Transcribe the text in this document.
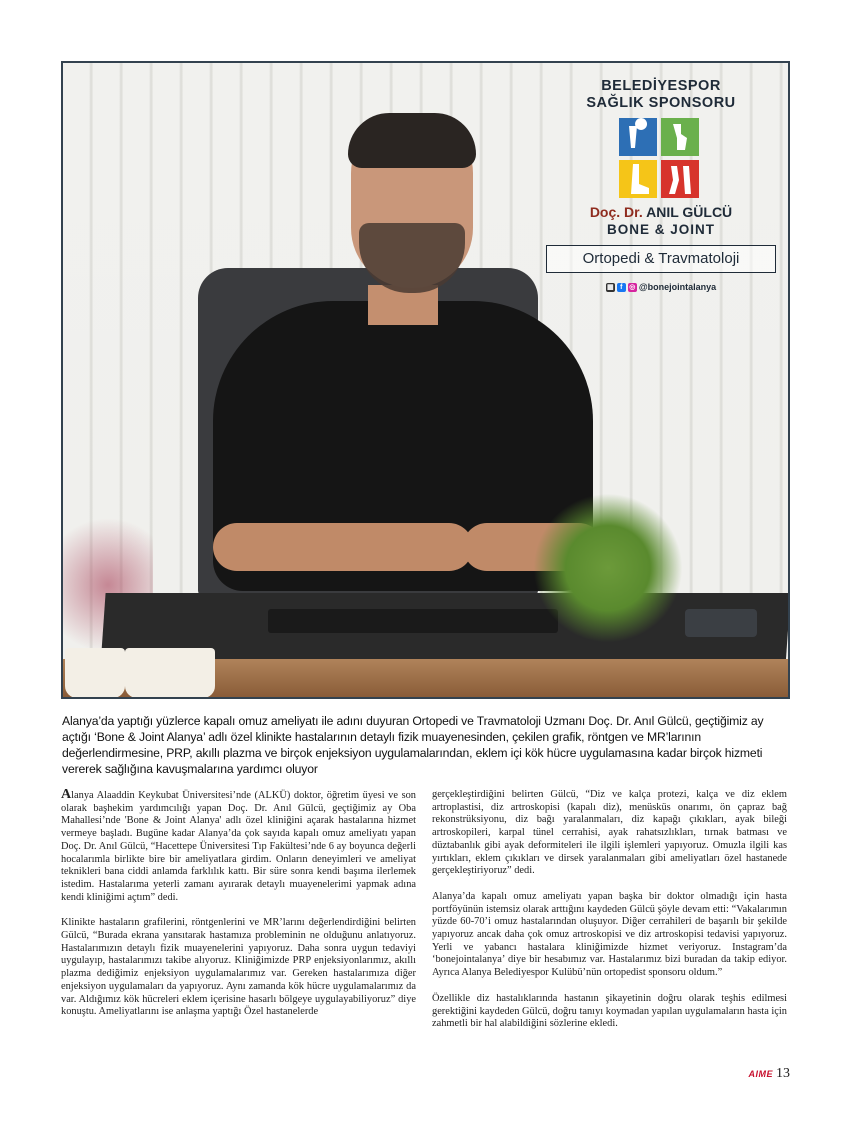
BELEDİYESPOR
SAĞLIK SPONSORU
Doç. Dr. ANIL GÜLCÜ
BONE & JOINT
Ortopedi & Travmatoloji
▦ f ◎ @bonejointalanya
Alanya’da yaptığı yüzlerce kapalı omuz ameliyatı ile adını duyuran Ortopedi ve Travmatoloji Uzmanı Doç. Dr. Anıl Gülcü, geçtiğimiz ay açtığı ‘Bone & Joint Alanya’ adlı özel klinikte hastalarının detaylı fizik muayenesinden, çekilen grafik, röntgen ve MR’larının değerlendirmesine, PRP, akıllı plazma ve birçok enjeksiyon uygulamalarından, eklem içi kök hücre uygulamasına kadar birçok hizmeti vererek sağlığına kavuşmalarına yardımcı oluyor

Alanya Alaaddin Keykubat Üniversitesi’nde (ALKÜ) doktor, öğretim üyesi ve son olarak başhekim yardımcılığı yapan Doç. Dr. Anıl Gülcü, geçtiğimiz ay Oba Mahallesi’nde 'Bone & Joint Alanya' adlı özel kliniğini açarak hastalarına hizmet vermeye başladı. Bugüne kadar Alanya’da çok sayıda kapalı omuz ameliyatı yapan Doç. Dr. Anıl Gülcü, “Hacettepe Üniversitesi Tıp Fakültesi’nde 6 ay boyunca değerli hocalarımla birlikte bire bir ameliyatlara girdim. Onların deneyimleri ve ameliyat teknikleri bana ciddi anlamda farklılık kattı. Bir süre sonra kendi başıma ilerlemek istedim. Hastalarıma yeterli zamanı ayırarak detaylı muayenelerimi yapmak adına kendi kliniğimi açtım” dedi.

Klinikte hastaların grafilerini, röntgenlerini ve MR’larını değerlendirdiğini belirten Gülcü, “Burada ekrana yansıtarak hastamıza probleminin ne olduğunu anlatıyoruz. Hastalarımızın detaylı fizik muayenelerini yapıyoruz. Daha sonra uygun tedaviyi uygulayıp, hastalarımızı takibe alıyoruz. Kliniğimizde PRP enjeksiyonlarımız, akıllı plazma dediğimiz enjeksiyon uygulamalarımız var. Gereken hastalarımıza diğer enjeksiyon uygulamaları da yapıyoruz. Aynı zamanda kök hücre uygulamalarımız da var. Aldığımız kök hücreleri eklem içerisine hasarlı bölgeye uygulayabiliyoruz” diye konuştu. Ameliyatlarını ise anlaşma yaptığı Özel hastanelerde

gerçekleştirdiğini belirten Gülcü, “Diz ve kalça protezi, kalça ve diz eklem artroplastisi, diz artroskopisi (kapalı diz), menüsküs onarımı, ön çapraz bağ rekonstrüksiyonu, diz bağı yaralanmaları, diz kapağı çıkıkları, ayak bileği artroskopileri, karpal tünel cerrahisi, ayak rahatsızlıkları, tırnak batması ve düztabanlık gibi ayak deformiteleri ile ilgili işlemleri yapıyoruz. Omuzla ilgili kas yırtıkları, eklem çıkıkları ve dirsek yaralanmaları gibi ameliyatları özel hastanede gerçekleştiriyoruz” dedi.

Alanya’da kapalı omuz ameliyatı yapan başka bir doktor olmadığı için hasta portföyünün istemsiz olarak arttığını kaydeden Gülcü şöyle devam etti: “Vakalarımın yüzde 60-70’i omuz hastalarından oluşuyor. Diğer cerrahileri de başarılı bir şekilde yapıyoruz ancak daha çok omuz artroskopisi ve diz artroskopisi tedavisi yapıyoruz. Yerli ve yabancı hastalara kliniğimizde hizmet veriyoruz. Instagram’da ‘bonejointalanya’ diye bir hesabımız var. Hastalarımız bizi buradan da takip ediyor. Ayrıca Alanya Belediyespor Kulübü’nün ortopedist sponsoru oldum.”

Özellikle diz hastalıklarında hastanın şikayetinin doğru olarak teşhis edilmesi gerektiğini kaydeden Gülcü, doğru tanıyı koymadan yapılan uygulamaların hasta için zahmetli bir hal alabildiğini sözlerine ekledi.

AIME 13
